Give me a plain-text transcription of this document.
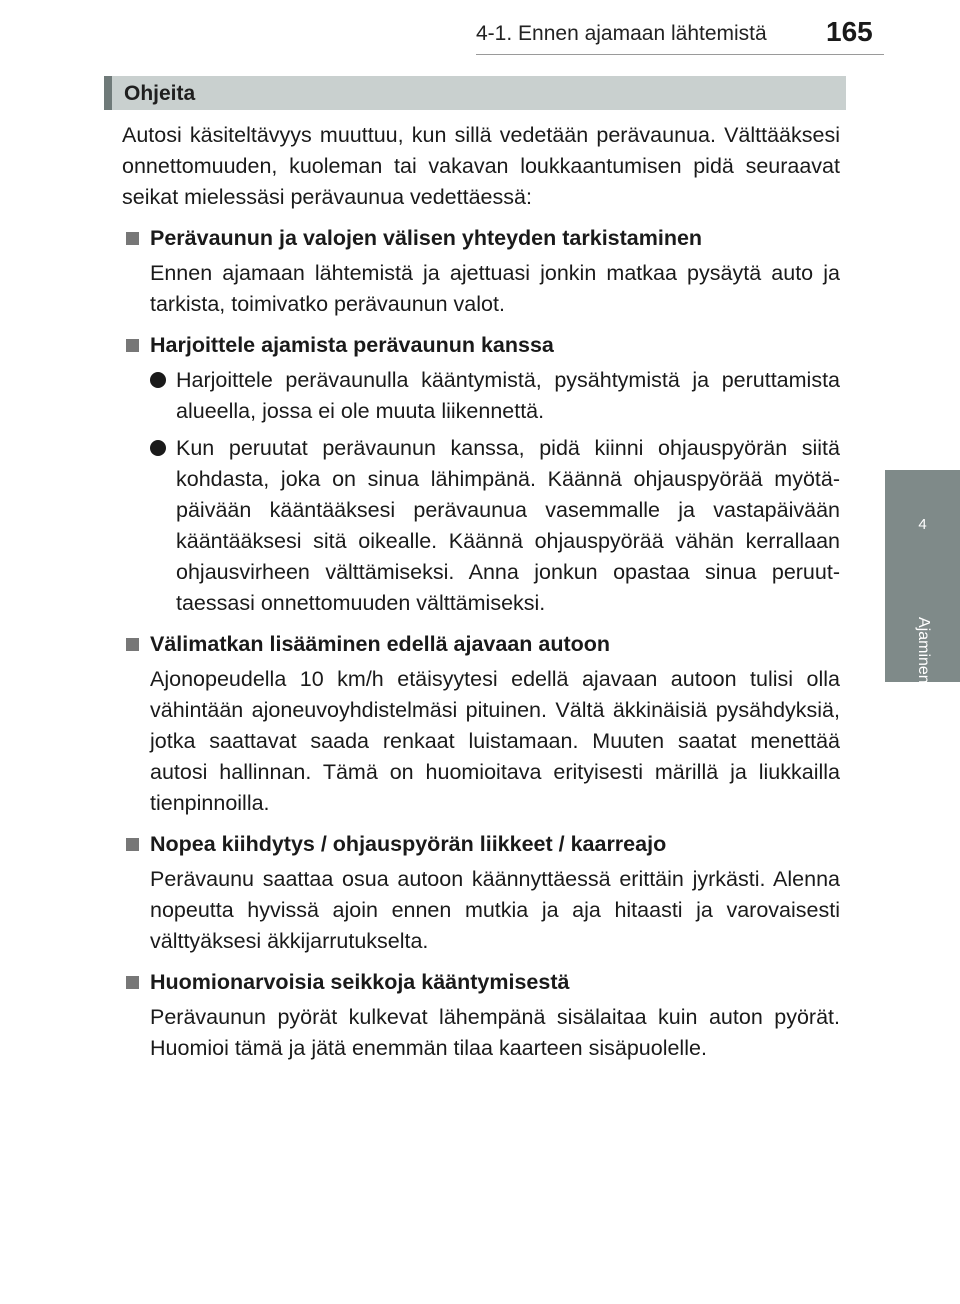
4-1. Ennen ajamaan lähtemistä 165
4
Ajaminen
Ohjeita

Autosi käsiteltävyys muuttuu, kun sillä vedetään perävaunua. Välttääksesi onnettomuuden, kuoleman tai vakavan loukkaantumisen pidä seuraavat seikat mielessäsi perävaunua vedettäessä:

Perävaunun ja valojen välisen yhteyden tarkistaminen

Ennen ajamaan lähtemistä ja ajettuasi jonkin matkaa pysäytä auto ja tarkista, toimivatko perävaunun valot.

Harjoittele ajamista perävaunun kanssa
Harjoittele perävaunulla kääntymistä, pysähtymistä ja peruttamista alueella, jossa ei ole muuta liikennettä.
Kun peruutat perävaunun kanssa, pidä kiinni ohjauspyörän siitä kohdasta, joka on sinua lähimpänä. Käännä ohjauspyörää myötäpäivään kääntääksesi perävaunua vasemmalle ja vastapäivään kääntääksesi sitä oikealle. Käännä ohjauspyörää vähän kerrallaan ohjausvirheen välttämiseksi. Anna jonkun opastaa sinua peruuttaessasi onnettomuuden välttämiseksi.
Välimatkan lisääminen edellä ajavaan autoon

Ajonopeudella 10 km/h etäisyytesi edellä ajavaan autoon tulisi olla vähintään ajoneuvoyhdistelmäsi pituinen. Vältä äkkinäisiä pysähdyksiä, jotka saattavat saada renkaat luistamaan. Muuten saatat menettää autosi hallinnan. Tämä on huomioitava erityisesti märillä ja liukkailla tienpinnoilla.

Nopea kiihdytys / ohjauspyörän liikkeet / kaarreajo

Perävaunu saattaa osua autoon käännyttäessä erittäin jyrkästi. Alenna nopeutta hyvissä ajoin ennen mutkia ja aja hitaasti ja varovaisesti välttyäksesi äkkijarrutukselta.

Huomionarvoisia seikkoja kääntymisestä

Perävaunun pyörät kulkevat lähempänä sisälaitaa kuin auton pyörät. Huomioi tämä ja jätä enemmän tilaa kaarteen sisäpuolelle.
